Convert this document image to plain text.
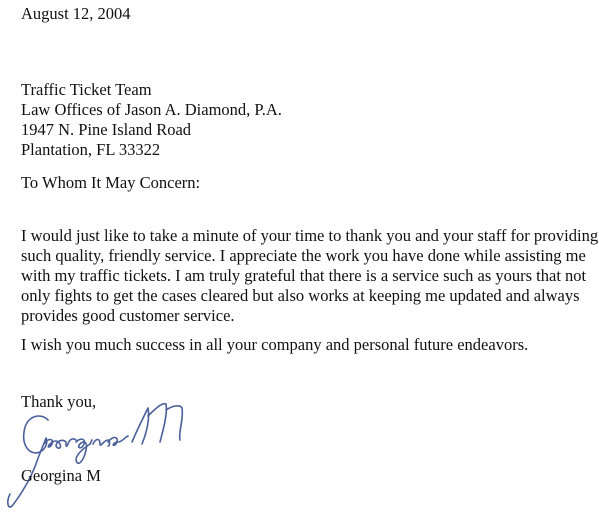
August 12, 2004

Traffic Ticket Team
Law Offices of Jason A. Diamond, P.A.
1947 N. Pine Island Road
Plantation, FL 33322

To Whom It May Concern:

I would just like to take a minute of your time to thank you and your staff for providing
such quality, friendly service. I appreciate the work you have done while assisting me
with my traffic tickets. I am truly grateful that there is a service such as yours that not
only fights to get the cases cleared but also works at keeping me updated and always
provides good customer service.

I wish you much success in all your company and personal future endeavors.

Thank you,

Georgina M
